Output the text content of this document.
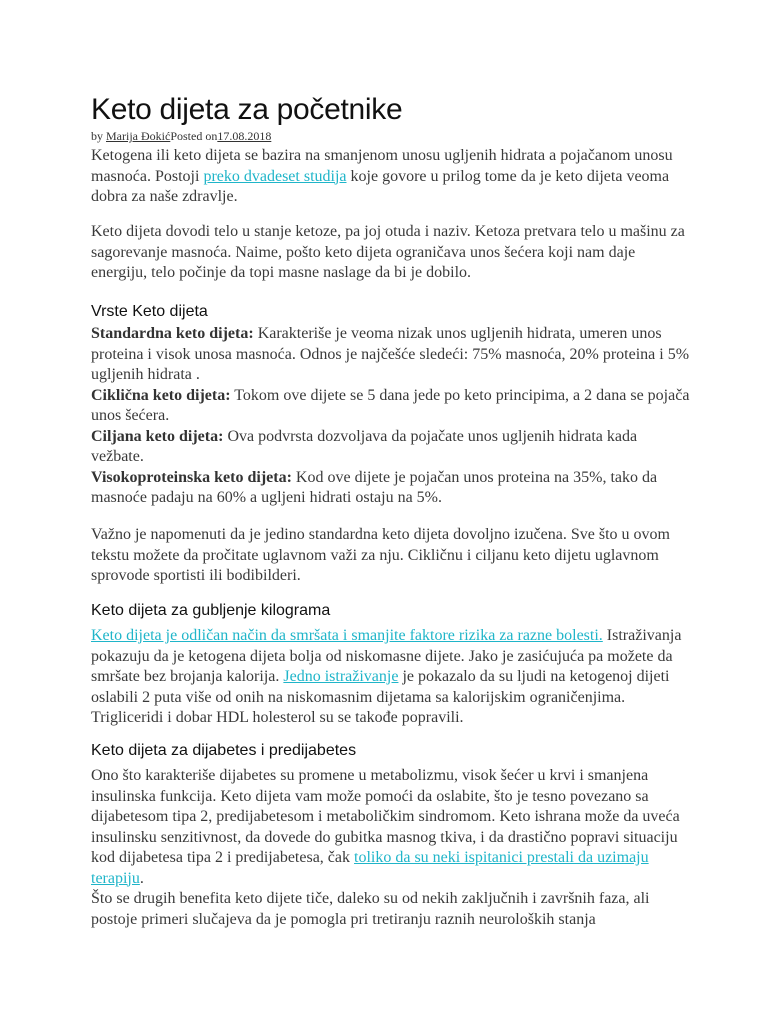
Keto dijeta za početnike
by Marija ĐokićPosted on17.08.2018

Ketogena ili keto dijeta se bazira na smanjenom unosu ugljenih hidrata a pojačanom unosu masnoća. Postoji preko dvadeset studija koje govore u prilog tome da je keto dijeta veoma dobra za naše zdravlje.

Keto dijeta dovodi telo u stanje ketoze, pa joj otuda i naziv. Ketoza pretvara telo u mašinu za sagorevanje masnoća. Naime, pošto keto dijeta ograničava unos šećera koji nam daje energiju, telo počinje da topi masne naslage da bi je dobilo.

Vrste Keto dijeta

Standardna keto dijeta: Karakteriše je veoma nizak unos ugljenih hidrata, umeren unos proteina i visok unosa masnoća. Odnos je najčešće sledeći: 75% masnoća, 20% proteina i 5% ugljenih hidrata .
Ciklična keto dijeta: Tokom ove dijete se 5 dana jede po keto principima, a 2 dana se pojača unos šećera.
Ciljana keto dijeta: Ova podvrsta dozvoljava da pojačate unos ugljenih hidrata kada vežbate.
Visokoproteinska keto dijeta: Kod ove dijete je pojačan unos proteina na 35%, tako da masnoće padaju na 60% a ugljeni hidrati ostaju na 5%.

Važno je napomenuti da je jedino standardna keto dijeta dovoljno izučena. Sve što u ovom tekstu možete da pročitate uglavnom važi za nju. Cikličnu i ciljanu keto dijetu uglavnom sprovode sportisti ili bodibilderi.

Keto dijeta za gubljenje kilograma

Keto dijeta je odličan način da smršata i smanjite faktore rizika za razne bolesti. Istraživanja pokazuju da je ketogena dijeta bolja od niskomasne dijete. Jako je zasićujuća pa možete da smršate bez brojanja kalorija. Jedno istraživanje je pokazalo da su ljudi na ketogenoj dijeti oslabili 2 puta više od onih na niskomasnim dijetama sa kalorijskim ograničenjima. Trigliceridi i dobar HDL holesterol su se takođe popravili.

Keto dijeta za dijabetes i predijabetes

Ono što karakteriše dijabetes su promene u metabolizmu, visok šećer u krvi i smanjena insulinska funkcija. Keto dijeta vam može pomoći da oslabite, što je tesno povezano sa dijabetesom tipa 2, predijabetesom i metaboličkim sindromom. Keto ishrana može da uveća insulinsku senzitivnost, da dovede do gubitka masnog tkiva, i da drastično popravi situaciju kod dijabetesa tipa 2 i predijabetesa, čak toliko da su neki ispitanici prestali da uzimaju terapiju.
Što se drugih benefita keto dijete tiče, daleko su od nekih zaključnih i završnih faza, ali postoje primeri slučajeva da je pomogla pri tretiranju raznih neuroloških stanja
